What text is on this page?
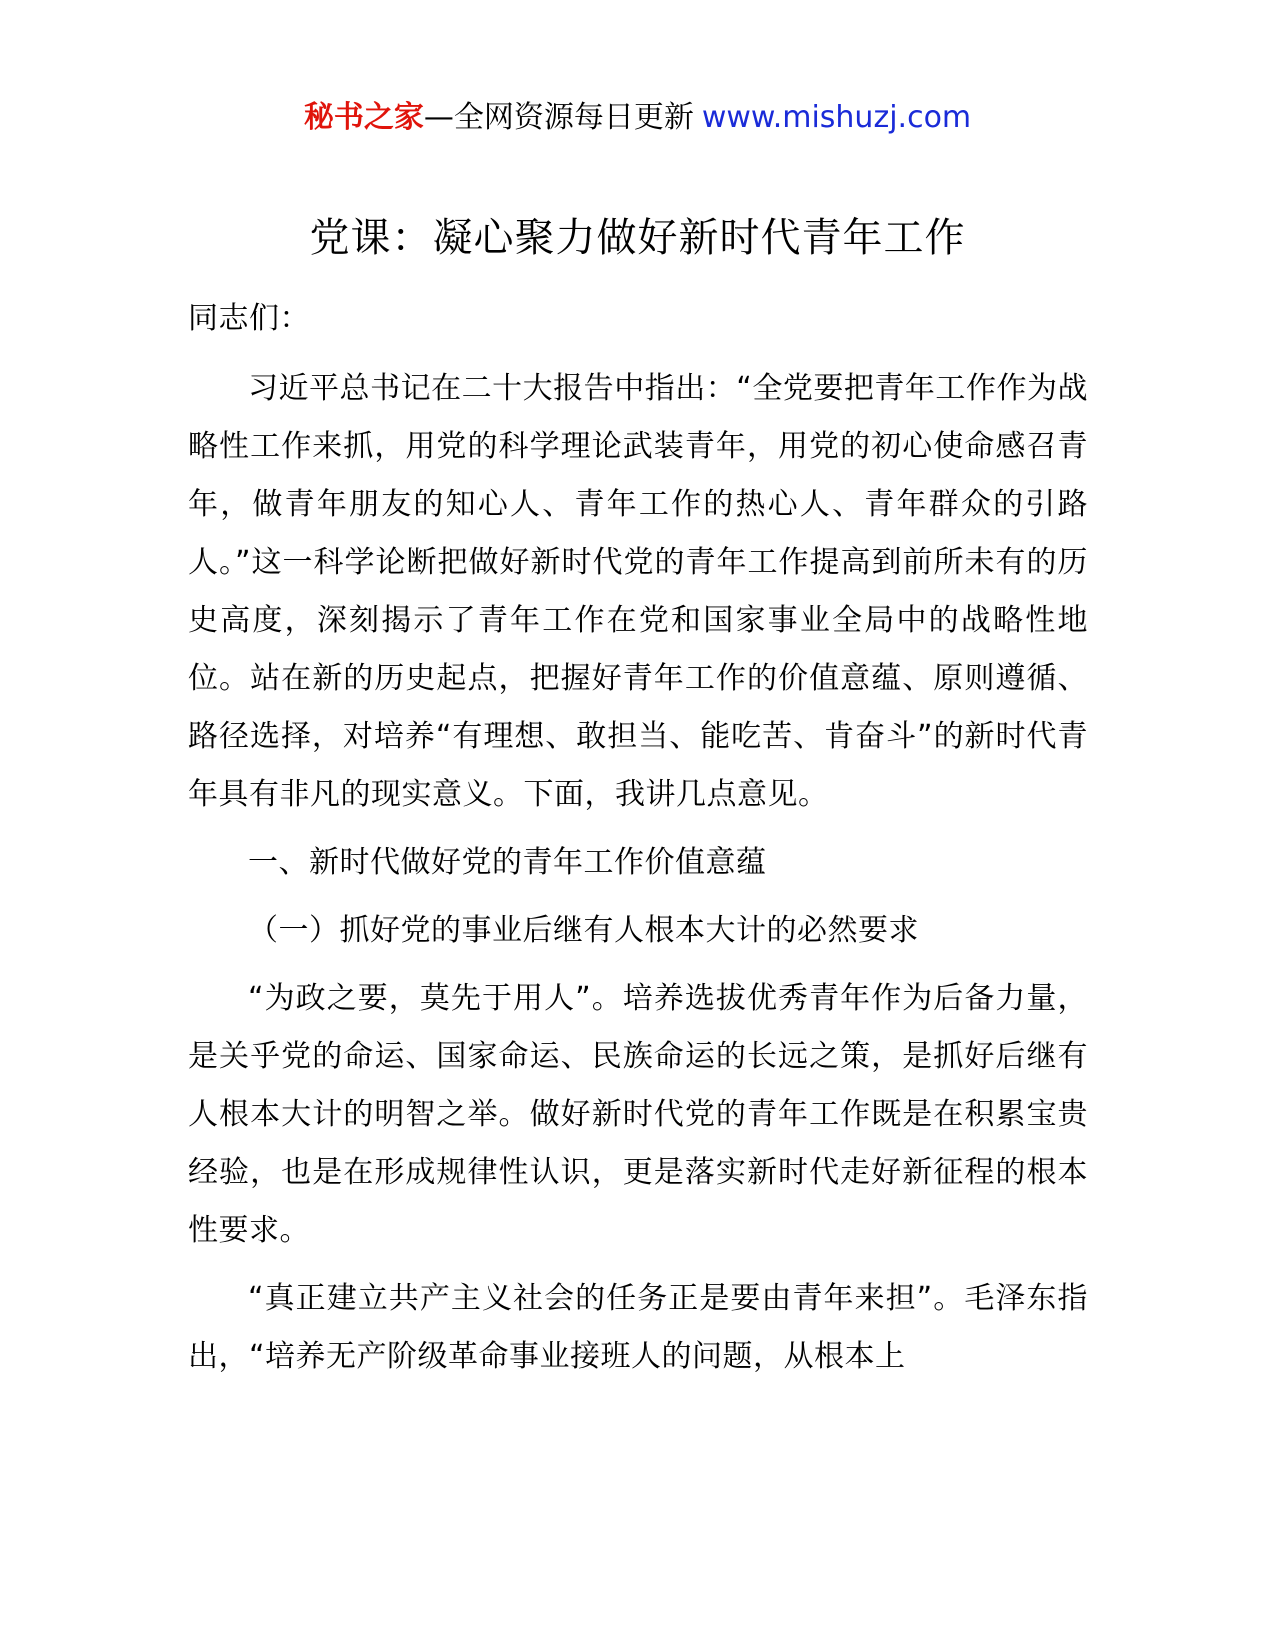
秘书之家—全网资源每日更新 www.mishuzj.com
党课：凝心聚力做好新时代青年工作

同志们：

习近平总书记在二十大报告中指出：“全党要把青年工作作为战略性工作来抓，用党的科学理论武装青年，用党的初心使命感召青年，做青年朋友的知心人、青年工作的热心人、青年群众的引路人。”这一科学论断把做好新时代党的青年工作提高到前所未有的历史高度，深刻揭示了青年工作在党和国家事业全局中的战略性地位。站在新的历史起点，把握好青年工作的价值意蕴、原则遵循、路径选择，对培养“有理想、敢担当、能吃苦、肯奋斗”的新时代青年具有非凡的现实意义。下面，我讲几点意见。

一、新时代做好党的青年工作价值意蕴

（一）抓好党的事业后继有人根本大计的必然要求

“为政之要，莫先于用人”。培养选拔优秀青年作为后备力量，是关乎党的命运、国家命运、民族命运的长远之策，是抓好后继有人根本大计的明智之举。做好新时代党的青年工作既是在积累宝贵经验，也是在形成规律性认识，更是落实新时代走好新征程的根本性要求。

“真正建立共产主义社会的任务正是要由青年来担”。毛泽东指出，“培养无产阶级革命事业接班人的问题，从根本上
